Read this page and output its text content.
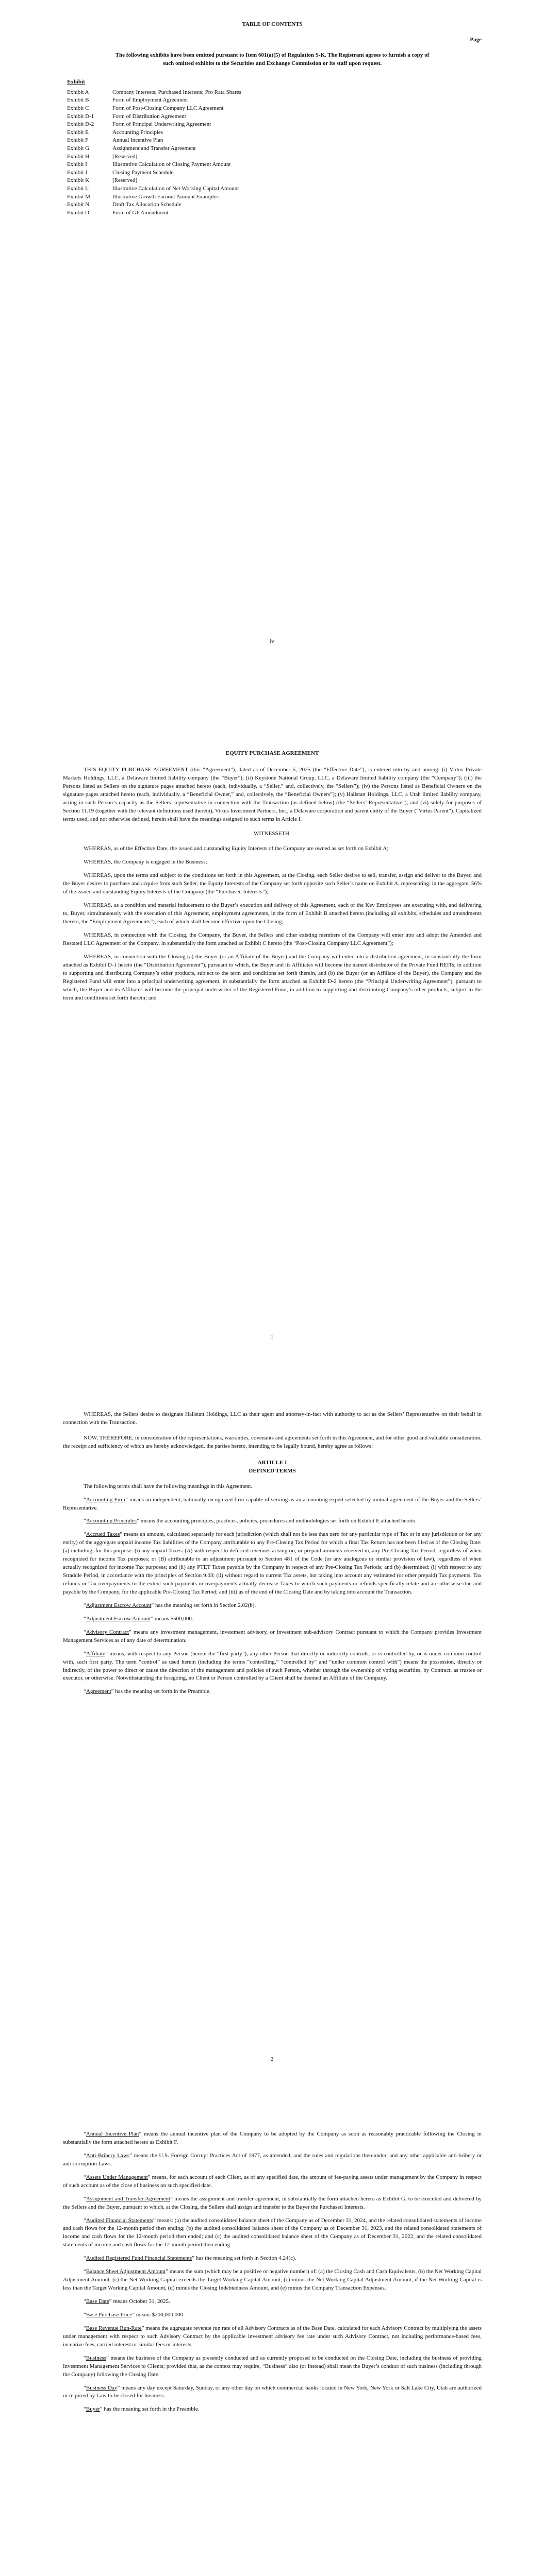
TABLE OF CONTENTS
Page
The following exhibits have been omitted pursuant to Item 601(a)(5) of Regulation S-K. The Registrant agrees to furnish a copy of such omitted exhibits to the Securities and Exchange Commission or its staff upon request.
Exhibit
Exhibit A	Company Interests; Purchased Interests; Pro Rata Shares
Exhibit B	Form of Employment Agreement
Exhibit C	Form of Post-Closing Company LLC Agreement
Exhibit D-1	Form of Distribution Agreement
Exhibit D-2	Form of Principal Underwriting Agreement
Exhibit E	Accounting Principles
Exhibit F	Annual Incentive Plan
Exhibit G	Assignment and Transfer Agreement
Exhibit H	[Reserved]
Exhibit I	Illustrative Calculation of Closing Payment Amount
Exhibit J	Closing Payment Schedule
Exhibit K	[Reserved]
Exhibit L	Illustrative Calculation of Net Working Capital Amount
Exhibit M	Illustrative Growth Earnout Amount Examples
Exhibit N	Draft Tax Allocation Schedule
Exhibit O	Form of GP Amendment
iv
EQUITY PURCHASE AGREEMENT

THIS EQUITY PURCHASE AGREEMENT (this “Agreement”), dated as of December 5, 2025 (the “Effective Date”), is entered into by and among: (i) Virtus Private Markets Holdings, LLC, a Delaware limited liability company (the “Buyer”); (ii) Keystone National Group, LLC, a Delaware limited liability company (the “Company”); (iii) the Persons listed as Sellers on the signature pages attached hereto (each, individually, a “Seller,” and, collectively, the “Sellers”); (iv) the Persons listed as Beneficial Owners on the signature pages attached hereto (each, individually, a “Beneficial Owner,” and, collectively, the “Beneficial Owners”); (v) Hallstatt Holdings, LLC, a Utah limited liability company, acting in such Person’s capacity as the Sellers’ representative in connection with the Transaction (as defined below) (the “Sellers’ Representative”); and (vi) solely for purposes of Section 11.19 (together with the relevant definitions used therein), Virtus Investment Partners, Inc., a Delaware corporation and parent entity of the Buyer (“Virtus Parent”). Capitalized terms used, and not otherwise defined, herein shall have the meanings assigned to such terms in Article I.

WITNESSETH:

WHEREAS, as of the Effective Date, the issued and outstanding Equity Interests of the Company are owned as set forth on Exhibit A;

WHEREAS, the Company is engaged in the Business;

WHEREAS, upon the terms and subject to the conditions set forth in this Agreement, at the Closing, each Seller desires to sell, transfer, assign and deliver to the Buyer, and the Buyer desires to purchase and acquire from such Seller, the Equity Interests of the Company set forth opposite such Seller’s name on Exhibit A, representing, in the aggregate, 56% of the issued and outstanding Equity Interests of the Company (the “Purchased Interests”);

WHEREAS, as a condition and material inducement to the Buyer’s execution and delivery of this Agreement, each of the Key Employees are executing with, and delivering to, Buyer, simultaneously with the execution of this Agreement, employment agreements, in the form of Exhibit B attached hereto (including all exhibits, schedules and amendments thereto, the “Employment Agreements”), each of which shall become effective upon the Closing;

WHEREAS, in connection with the Closing, the Company, the Buyer, the Sellers and other existing members of the Company will enter into and adopt the Amended and Restated LLC Agreement of the Company, in substantially the form attached as Exhibit C hereto (the “Post-Closing Company LLC Agreement”);

WHEREAS, in connection with the Closing (a) the Buyer (or an Affiliate of the Buyer) and the Company will enter into a distribution agreement, in substantially the form attached as Exhibit D-1 hereto (the “Distribution Agreement”), pursuant to which, the Buyer and its Affiliates will become the named distributor of the Private Fund REITs, in addition to supporting and distributing Company’s other products, subject to the term and conditions set forth therein, and (b) the Buyer (or an Affiliate of the Buyer), the Company and the Registered Fund will enter into a principal underwriting agreement, in substantially the form attached as Exhibit D-2 hereto (the “Principal Underwriting Agreement”), pursuant to which, the Buyer and its Affiliates will become the principal underwriter of the Registered Fund, in addition to supporting and distributing Company’s other products, subject to the term and conditions set forth therein; and

1

WHEREAS, the Sellers desire to designate Hallstatt Holdings, LLC as their agent and attorney-in-fact with authority to act as the Sellers’ Representative on their behalf in connection with the Transaction.

NOW, THEREFORE, in consideration of the representations, warranties, covenants and agreements set forth in this Agreement, and for other good and valuable consideration, the receipt and sufficiency of which are hereby acknowledged, the parties hereto, intending to be legally bound, hereby agree as follows:

ARTICLE I
DEFINED TERMS

The following terms shall have the following meanings in this Agreement.

“Accounting Firm” means an independent, nationally recognized firm capable of serving as an accounting expert selected by mutual agreement of the Buyer and the Sellers’ Representative.

“Accounting Principles” means the accounting principles, practices, policies, procedures and methodologies set forth on Exhibit E attached hereto.

“Accrued Taxes” means an amount, calculated separately for each jurisdiction (which shall not be less than zero for any particular type of Tax or in any jurisdiction or for any entity) of the aggregate unpaid income Tax liabilities of the Company attributable to any Pre-Closing Tax Period for which a final Tax Return has not been filed as of the Closing Date: (a) including, for this purpose: (i) any unpaid Taxes: (A) with respect to deferred revenues arising on, or prepaid amounts received in, any Pre-Closing Tax Period, regardless of when recognized for income Tax purposes; or (B) attributable to an adjustment pursuant to Section 481 of the Code (or any analogous or similar provision of law), regardless of when actually recognized for income Tax purposes; and (ii) any PTET Taxes payable by the Company in respect of any Pre-Closing Tax Periods; and (b) determined: (i) with respect to any Straddle Period, in accordance with the principles of Section 9.03; (ii) without regard to current Tax assets, but taking into account any estimated (or other prepaid) Tax payments, Tax refunds or Tax overpayments to the extent such payments or overpayments actually decrease Taxes to which such payments or refunds specifically relate and are otherwise due and payable by the Company, for the applicable Pre-Closing Tax Period; and (iii) as of the end of the Closing Date and by taking into account the Transaction.

“Adjustment Escrow Account” has the meaning set forth in Section 2.02(b).

“Adjustment Escrow Amount” means $500,000.

“Advisory Contract” means any investment management, investment advisory, or investment sub-advisory Contract pursuant to which the Company provides Investment Management Services as of any date of determination.

“Affiliate” means, with respect to any Person (herein the “first party”), any other Person that directly or indirectly controls, or is controlled by, or is under common control with, such first party. The term “control” as used herein (including the terms “controlling,” “controlled by” and “under common control with”) means the possession, directly or indirectly, of the power to direct or cause the direction of the management and policies of such Person, whether through the ownership of voting securities, by Contract, as trustee or executor, or otherwise. Notwithstanding the foregoing, no Client or Person controlled by a Client shall be deemed an Affiliate of the Company.

“Agreement” has the meaning set forth in the Preamble.

2

“Annual Incentive Plan” means the annual incentive plan of the Company to be adopted by the Company as soon as reasonably practicable following the Closing in substantially the form attached hereto as Exhibit F.

“Anti-Bribery Laws” means the U.S. Foreign Corrupt Practices Act of 1977, as amended, and the rules and regulations thereunder, and any other applicable anti-bribery or anti-corruption Laws.

“Assets Under Management” means, for each account of each Client, as of any specified date, the amount of fee-paying assets under management by the Company in respect of such account as of the close of business on such specified date.

“Assignment and Transfer Agreement” means the assignment and transfer agreement, in substantially the form attached hereto as Exhibit G, to be executed and delivered by the Sellers and the Buyer, pursuant to which, at the Closing, the Sellers shall assign and transfer to the Buyer the Purchased Interests.

“Audited Financial Statements” means: (a) the audited consolidated balance sheet of the Company as of December 31, 2024, and the related consolidated statements of income and cash flows for the 12-month period then ending; (b) the audited consolidated balance sheet of the Company as of December 31, 2023, and the related consolidated statements of income and cash flows for the 12-month period then ended; and (c) the audited consolidated balance sheet of the Company as of December 31, 2022, and the related consolidated statements of income and cash flows for the 12-month period then ending.

“Audited Registered Fund Financial Statements” has the meaning set forth in Section 4.24(c).

“Balance Sheet Adjustment Amount” means the sum (which may be a positive or negative number) of: (a) the Closing Cash and Cash Equivalents, (b) the Net Working Capital Adjustment Amount, (c) the Net Working Capital exceeds the Target Working Capital Amount, (c) minus the Net Working Capital Adjustment Amount, if the Net Working Capital is less than the Target Working Capital Amount, (d) minus the Closing Indebtedness Amount, and (e) minus the Company Transaction Expenses.

“Base Date” means October 31, 2025.

“Base Purchase Price” means $200,000,000.

“Base Revenue Run-Rate” means the aggregate revenue run rate of all Advisory Contracts as of the Base Date, calculated for each Advisory Contract by multiplying the assets under management with respect to such Advisory Contract by the applicable investment advisory fee rate under such Advisory Contract, not including performance-based fees, incentive fees, carried interest or similar fees or interests.

“Business” means the business of the Company as presently conducted and as currently proposed to be conducted on the Closing Date, including the business of providing Investment Management Services to Clients; provided that, as the context may require, “Business” also (or instead) shall mean the Buyer’s conduct of such business (including through the Company) following the Closing Date.

“Business Day” means any day except Saturday, Sunday, or any other day on which commercial banks located in New York, New York or Salt Lake City, Utah are authorized or required by Law to be closed for business.

“Buyer” has the meaning set forth in the Preamble.
